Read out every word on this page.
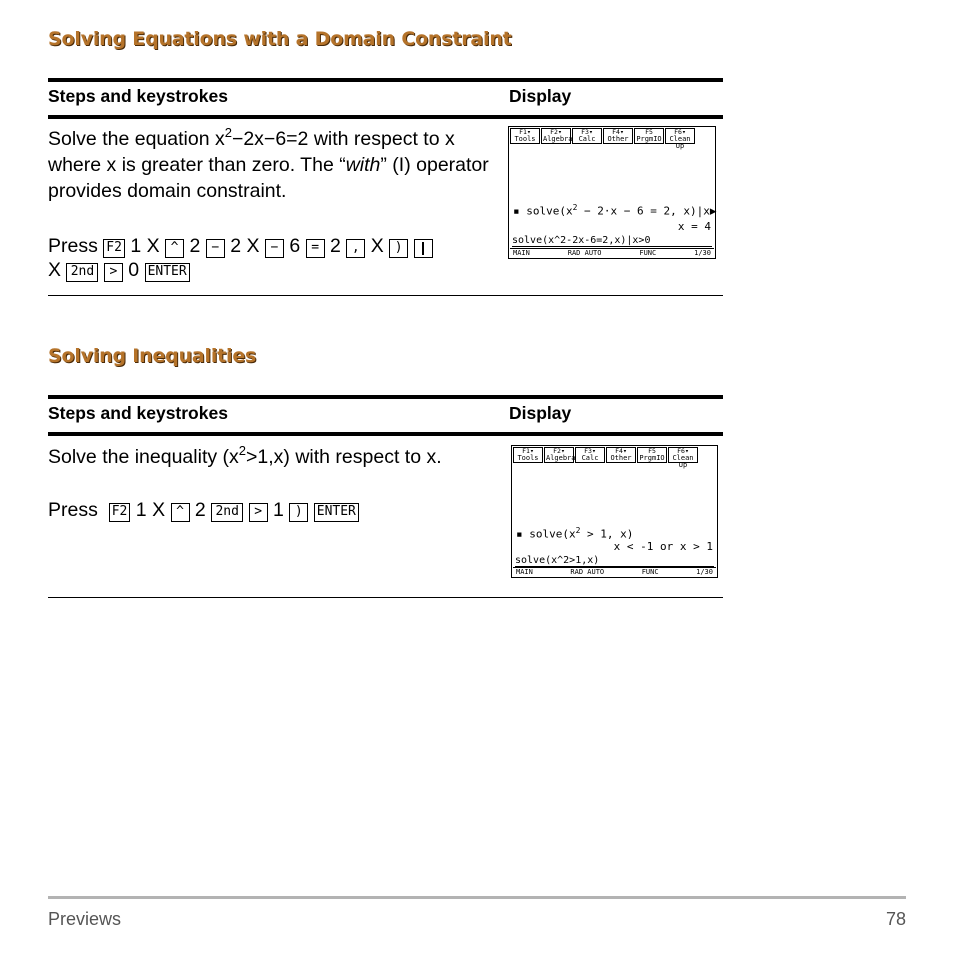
Solving Equations with a Domain Constraint
Steps and keystrokes	Display
Solve the equation $x^2-2x-6=2$ with respect to x where x is greater than zero. The “with” (I) operator provides domain constraint.
Press F2 1 X ^ 2 − 2 X − 6 = 2 , X )
X 2nd > 0 ENTER
F1▾
Tools
F2▾
Algebra
F3▾
Calc
F4▾
Other
F5
PrgmIO
F6▾
Clean Up
▪ $solve(x^2 - 2\cdot x - 6 = 2$, x)|x▶
x = 4
solve(x^2-2x-6=2,x)|x>0
MAIN	RAD AUTO	FUNC	1/30
Solving Inequalities
Steps and keystrokes	Display
Solve the inequality $(x^2>1,x)$ with respect to x.
Press F2 1 X ^ 2 2nd > 1 ) ENTER
F1▾
Tools
F2▾
Algebra
F3▾
Calc
F4▾
Other
F5
PrgmIO
F6▾
Clean Up
▪ $solve(x^2 > 1$, x)
x < -1 or x > 1
solve(x^2>1,x)
MAIN	RAD AUTO	FUNC	1/30
Previews	78
